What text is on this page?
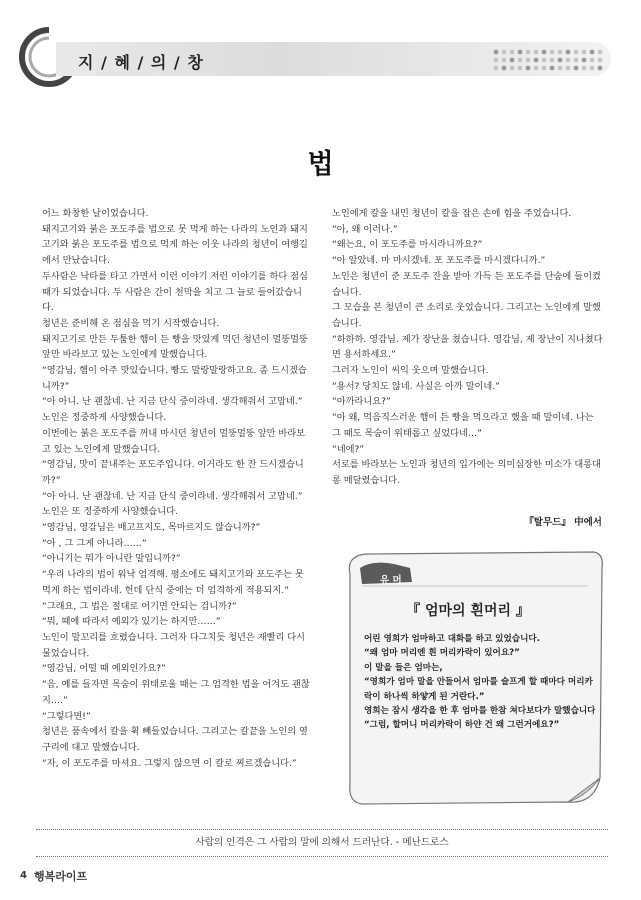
지 / 혜 / 의 / 창
법

어느 화창한 날이었습니다.

돼지고기와 붉은 포도주를 법으로 못 먹게 하는 나라의 노인과 돼지고기와 붉은 포도주를 법으로 먹게 하는 이웃 나라의 청년이 여행길에서 만났습니다.

두사람은 낙타를 타고 가면서 이런 이야기 저런 이야기를 하다 점심때가 되었습니다. 두 사람은 간이 천막을 치고 그 늘로 들어갔습니다.

청년은 준비해 온 점심을 먹기 시작했습니다.

돼지고기로 만든 두툼한 햄이 든 빵을 맛있게 먹던 청년이 멀뚱멀뚱 앞만 바라보고 있는 노인에게 말했습니다.

“영감님, 햄이 아주 맛있습니다. 빵도 말랑말랑하고요. 좀 드시겠습니까?”

“아 아니. 난 괜찮네. 난 지금 단식 중이라네. 생각해줘서 고맙네.” 노인은 정중하게 사양했습니다.

이번에는 붉은 포도주를 꺼내 마시던 청년이 멀뚱멀뚱 앞만 바라보고 있는 노인에게 말했습니다.

“영감님, 맛이 끝내주는 포도주입니다. 이거라도 한 잔 드시겠습니까?”

“아 아니. 난 괜찮네. 난 지금 단식 중이라네. 생각해줘서 고맙네.” 노인은 또 정중하게 사양했습니다.

“영감님, 영감님은 배고프지도, 목마르지도 않습니까?”

“아 , 그 그게 아니라……”

“아니기는 뭐가 아니란 말입니까?”

“우리 나라의 법이 워낙 엄격해. 평소에도 돼지고기와 포도주는 못 먹게 하는 법이라네. 헌데 단식 중에는 더 엄격하게 적용되지.”

“그래요, 그 법은 절대로 어기면 안되는 겁니까?”

“뭐, 때에 따라서 예외가 있기는 하지만……”

노인이 말꼬리를 흐렸습니다. 그러자 다그치듯 청년은 재빨리 다시 물었습니다.

“영감님, 어떨 때 예외인가요?”

“음, 예를 들자면 목숨이 위태로울 때는 그 엄격한 법을 어겨도 괜찮지….”

“그렇다면!”

청년은 품속에서 칼을 휙 빼들었습니다. 그리고는 칼끝을 노인의 옆구리에 대고 말했습니다.

“자, 이 포도주를 마셔요. 그렇지 않으면 이 칼로 찌르겠습니다.”

노인에게 칼을 내민 청년이 칼을 잡은 손에 힘을 주었습니다.

“아, 왜 이러나.”

“왜는요, 이 포도주를 마시라니까요?”

“아 알았네. 마 마시겠네. 포 포도주를 마시겠다니까.”

노인은 청년이 준 포도주 잔을 받아 가득 든 포도주를 단숨에 들이켰습니다.

그 모습을 본 청년이 큰 소리로 웃었습니다. 그리고는 노인에게 말했습니다.

“하하하. 영감님. 제가 장난을 쳤습니다. 영감님, 제 장난이 지나쳤다면 용서하세요.”

그러자 노인이 씨익 웃으며 말했습니다.

“용서? 당치도 않네. 사실은 아까 말이네.”

“아까라니요?”

“아 왜, 먹음직스러운 햄이 든 빵을 먹으라고 했을 때 말이네. 나는 그 때도 목숨이 위태롭고 싶었다네…”

“네에?”

서로를 바라보는 노인과 청년의 입가에는 의미심장한 미소가 대롱대롱 매달렸습니다.

『탈무드』 中에서
유 머
『 엄마의 흰머리 』

어린 영희가 엄마하고 대화를 하고 있었습니다.

“왜 엄마 머리엔 흰 머리카락이 있어요?”

이 말을 들은 엄마는,

“영희가 엄마 말을 안들어서 엄마를 슬프게 할 때마다 머리카락이 하나씩 하얗게 된 거란다.”

영희는 잠시 생각을 한 후 엄마를 한참 쳐다보다가 말했습니다

“그럼, 할머니 머리카락이 하얀 건 왜 그런거에요?”

사람의 인격은 그 사람의 말에 의해서 드러난다. - 메난드로스
4 행복라이프
